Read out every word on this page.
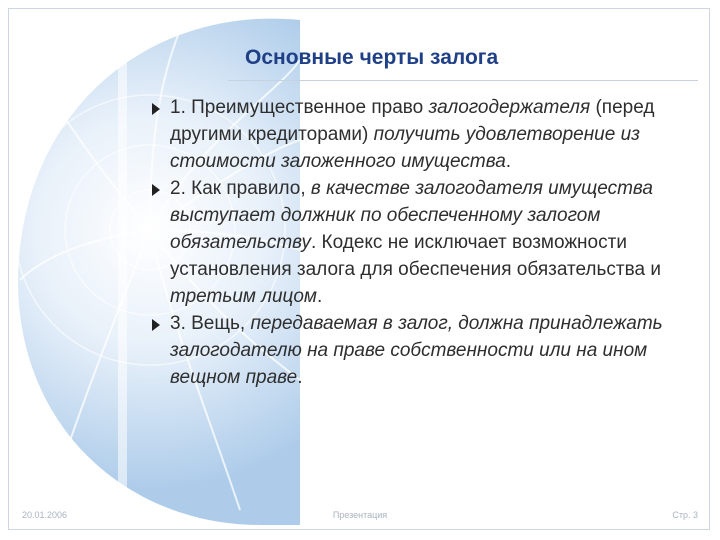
Основные черты залога

1. Преимущественное право залогодержателя (перед другими кредиторами) получить удовлетворение из стоимости заложенного имущества.

2. Как правило, в качестве залогодателя имущества выступает должник по обеспеченному залогом обязательству. Кодекс не исключает возможности установления залога для обеспечения обязательства и третьим лицом.

3. Вещь, передаваемая в залог, должна принадлежать залогодателю на праве собственности или на ином вещном праве.

20.01.2006	Презентация	Стр. 3
